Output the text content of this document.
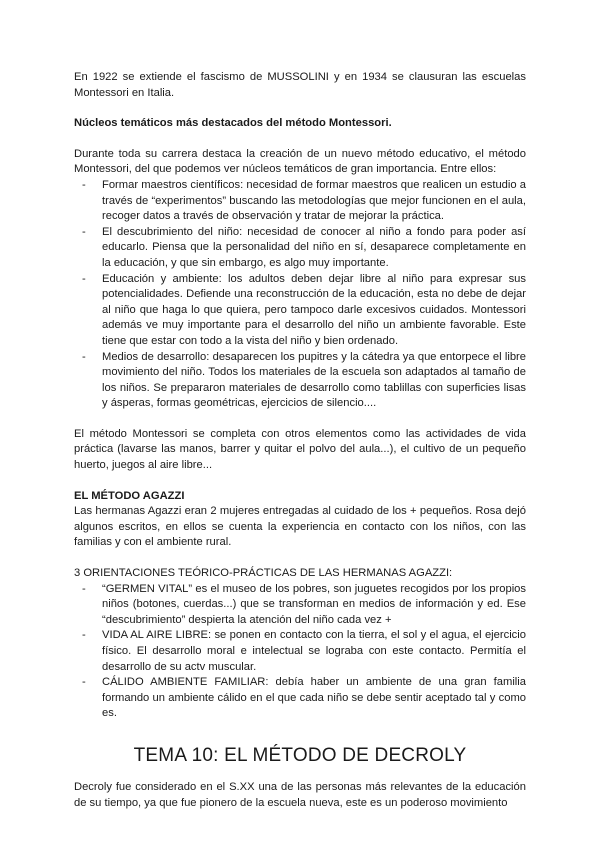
En 1922 se extiende el fascismo de MUSSOLINI y en 1934 se clausuran las escuelas Montessori en Italia.

Núcleos temáticos más destacados del método Montessori.

Durante toda su carrera destaca la creación de un nuevo método educativo, el método Montessori, del que podemos ver núcleos temáticos de gran importancia. Entre ellos:

- Formar maestros científicos: necesidad de formar maestros que realicen un estudio a través de “experimentos” buscando las metodologías que mejor funcionen en el aula, recoger datos a través de observación y tratar de mejorar la práctica.
- El descubrimiento del niño: necesidad de conocer al niño a fondo para poder así educarlo. Piensa que la personalidad del niño en sí, desaparece completamente en la educación, y que sin embargo, es algo muy importante.
- Educación y ambiente: los adultos deben dejar libre al niño para expresar sus potencialidades. Defiende una reconstrucción de la educación, esta no debe de dejar al niño que haga lo que quiera, pero tampoco darle excesivos cuidados. Montessori además ve muy importante para el desarrollo del niño un ambiente favorable. Este tiene que estar con todo a la vista del niño y bien ordenado.
- Medios de desarrollo: desaparecen los pupitres y la cátedra ya que entorpece el libre movimiento del niño. Todos los materiales de la escuela son adaptados al tamaño de los niños. Se prepararon materiales de desarrollo como tablillas con superficies lisas y ásperas, formas geométricas, ejercicios de silencio....

El método Montessori se completa con otros elementos como las actividades de vida práctica (lavarse las manos, barrer y quitar el polvo del aula...), el cultivo de un pequeño huerto, juegos al aire libre...

EL MÉTODO AGAZZI

Las hermanas Agazzi eran 2 mujeres entregadas al cuidado de los + pequeños. Rosa dejó algunos escritos, en ellos se cuenta la experiencia en contacto con los niños, con las familias y con el ambiente rural.

3 ORIENTACIONES TEÓRICO-PRÁCTICAS DE LAS HERMANAS AGAZZI:

- “GERMEN VITAL” es el museo de los pobres, son juguetes recogidos por los propios niños (botones, cuerdas...) que se transforman en medios de información y ed. Ese “descubrimiento” despierta la atención del niño cada vez +
- VIDA AL AIRE LIBRE: se ponen en contacto con la tierra, el sol y el agua, el ejercicio físico. El desarrollo moral e intelectual se lograba con este contacto. Permitía el desarrollo de su actv muscular.
- CÁLIDO AMBIENTE FAMILIAR: debía haber un ambiente de una gran familia formando un ambiente cálido en el que cada niño se debe sentir aceptado tal y como es.
TEMA 10: EL MÉTODO DE DECROLY

Decroly fue considerado en el S.XX una de las personas más relevantes de la educación de su tiempo, ya que fue pionero de la escuela nueva, este es un poderoso movimiento
